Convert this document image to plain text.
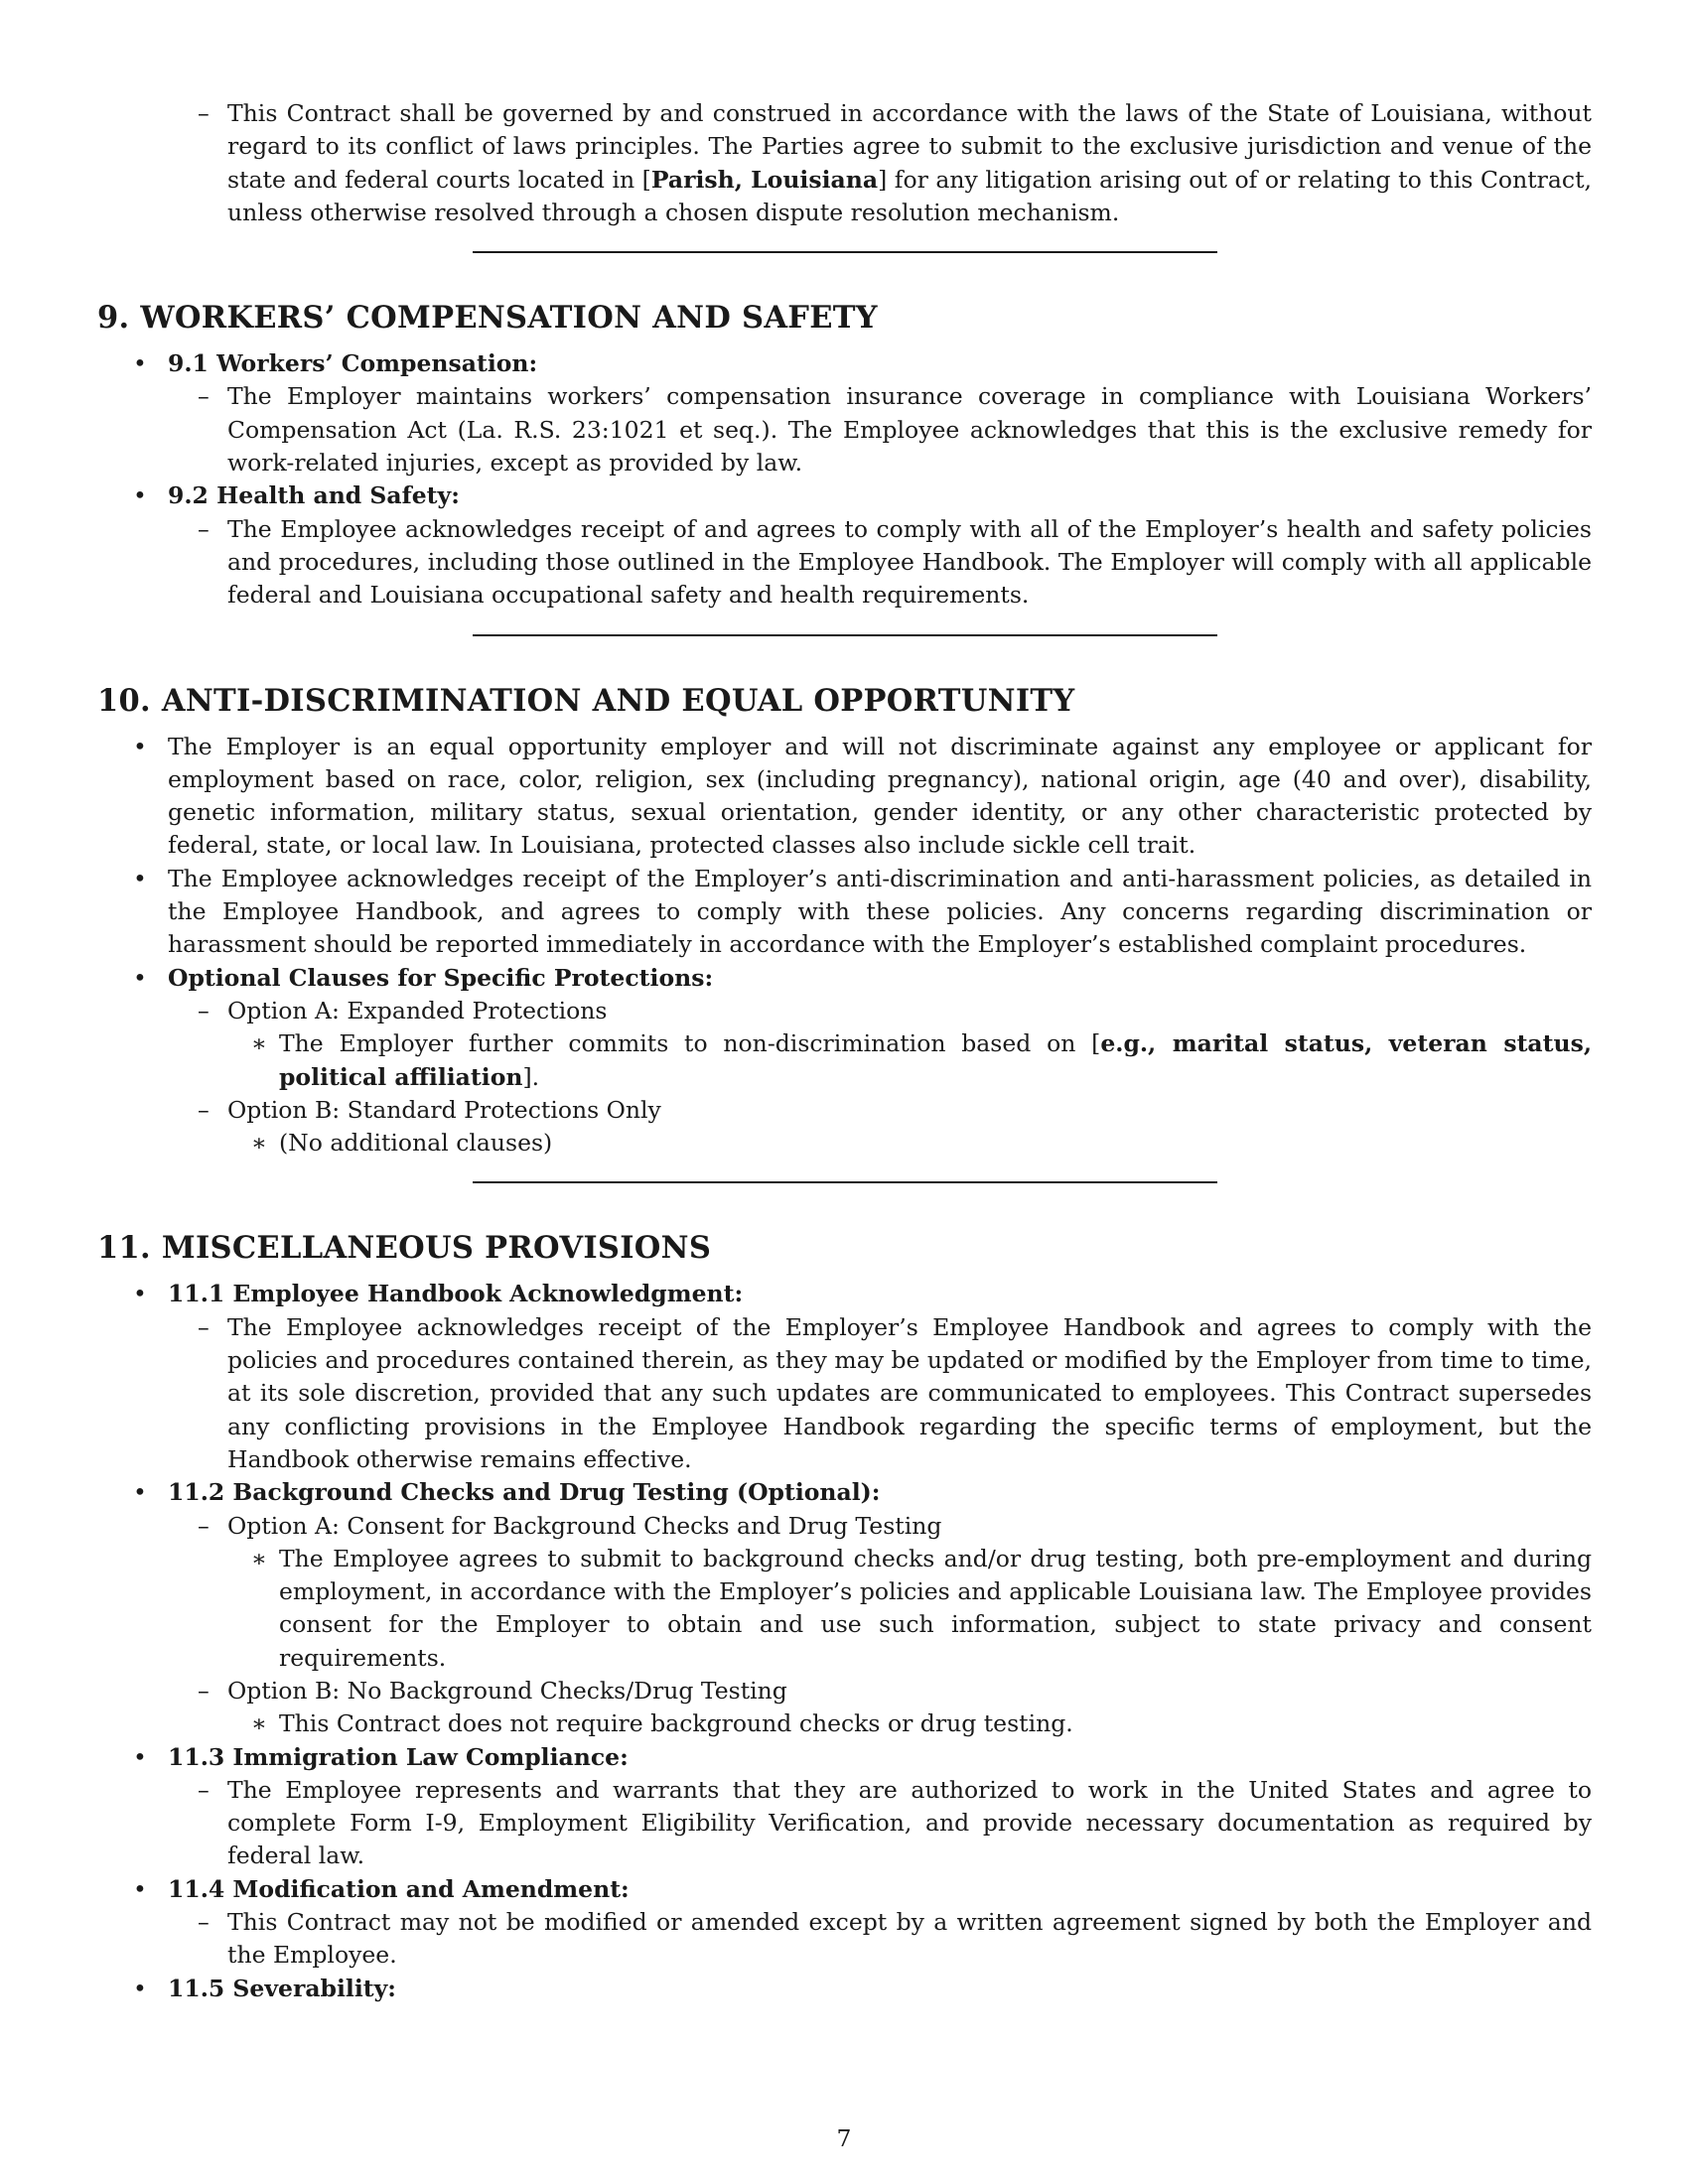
– This Contract shall be governed by and construed in accordance with the laws of the State of Louisiana, without regard to its conflict of laws principles. The Parties agree to submit to the exclusive jurisdiction and venue of the state and federal courts located in [Parish, Louisiana] for any litigation arising out of or relating to this Contract, unless otherwise resolved through a chosen dispute resolution mechanism.

9. WORKERS’ COMPENSATION AND SAFETY

• 9.1 Workers’ Compensation:

– The Employer maintains workers’ compensation insurance coverage in compliance with Louisiana Workers’ Compensation Act (La. R.S. 23:1021 et seq.). The Employee acknowledges that this is the exclusive remedy for work-related injuries, except as provided by law.

• 9.2 Health and Safety:

– The Employee acknowledges receipt of and agrees to comply with all of the Employer’s health and safety policies and procedures, including those outlined in the Employee Handbook. The Employer will comply with all applicable federal and Louisiana occupational safety and health requirements.

10. ANTI-DISCRIMINATION AND EQUAL OPPORTUNITY

• The Employer is an equal opportunity employer and will not discriminate against any employee or applicant for employment based on race, color, religion, sex (including pregnancy), national origin, age (40 and over), disability, genetic information, military status, sexual orientation, gender identity, or any other characteristic protected by federal, state, or local law. In Louisiana, protected classes also include sickle cell trait.

• The Employee acknowledges receipt of the Employer’s anti-discrimination and anti-harassment policies, as detailed in the Employee Handbook, and agrees to comply with these policies. Any concerns regarding discrimination or harassment should be reported immediately in accordance with the Employer’s established complaint procedures.

• Optional Clauses for Specific Protections:

– Option A: Expanded Protections

∗ The Employer further commits to non-discrimination based on [e.g., marital status, veteran status, political affiliation].

– Option B: Standard Protections Only

∗ (No additional clauses)

11. MISCELLANEOUS PROVISIONS

• 11.1 Employee Handbook Acknowledgment:

– The Employee acknowledges receipt of the Employer’s Employee Handbook and agrees to comply with the policies and procedures contained therein, as they may be updated or modified by the Employer from time to time, at its sole discretion, provided that any such updates are communicated to employees. This Contract supersedes any conflicting provisions in the Employee Handbook regarding the specific terms of employment, but the Handbook otherwise remains effective.

• 11.2 Background Checks and Drug Testing (Optional):

– Option A: Consent for Background Checks and Drug Testing

∗ The Employee agrees to submit to background checks and/or drug testing, both pre-employment and during employment, in accordance with the Employer’s policies and applicable Louisiana law. The Employee provides consent for the Employer to obtain and use such information, subject to state privacy and consent requirements.

– Option B: No Background Checks/Drug Testing

∗ This Contract does not require background checks or drug testing.

• 11.3 Immigration Law Compliance:

– The Employee represents and warrants that they are authorized to work in the United States and agree to complete Form I-9, Employment Eligibility Verification, and provide necessary documentation as required by federal law.

• 11.4 Modification and Amendment:

– This Contract may not be modified or amended except by a written agreement signed by both the Employer and the Employee.

• 11.5 Severability:

7
